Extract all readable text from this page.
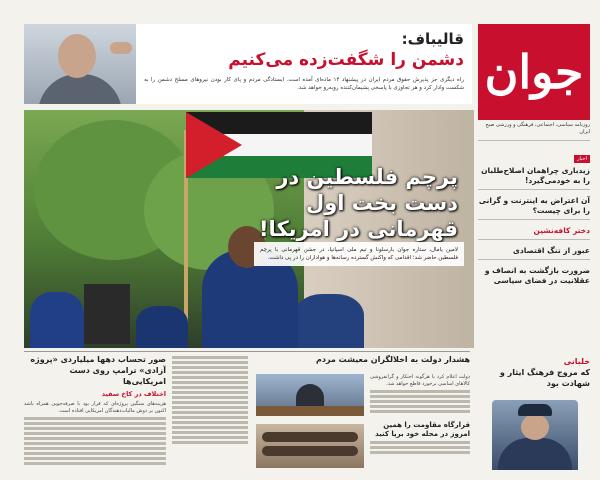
جوان
روزنامه سیاسی، اجتماعی، فرهنگی و ورزشی صبح ایران
قالیباف:
دشمن را شگفت‌زده می‌کنیم
راه دیگری جز پذیرش حقوق مردم ایران در پیشنهاد ۱۴ ماده‌ای آمده است. ایستادگی مردم و پای کار بودن نیروهای مسلح دشمن را به شکست وادار کرد و هر تجاوزی با پاسخی پشیمان‌کننده روبه‌رو خواهد شد.
پرچم فلسطین در دست بخت اول قهرمانی در امریکا!
لامین یامال، ستاره جوان بارسلونا و تیم ملی اسپانیا، در جشن قهرمانی با پرچم فلسطین حاضر شد؛ اقدامی که واکنش گسترده رسانه‌ها و هواداران را در پی داشت.
اخبار
زیدباری چراهمان اصلاح‌طلبان را به خودمی‌گیرد!
آن اعتراض به اینترنت و گرانی را برای چیست؟
دختر کافه‌نشین
عبور از تنگ اقتصادی
ضرورت بازگشت به انصاف و عقلانیت در فضای سیاسی
خلبانی
که مروج فرهنگ ایثار و شهادت بود
صور تحساب دهها میلیاردی «پروژه آزادی» ترامپ روی دست امریکایی‌ها
اختلاف در کاخ سفید
هزینه‌های سنگین پروژه‌ای که قرار بود با صرفه‌جویی همراه باشد اکنون بر دوش مالیات‌دهندگان امریکایی افتاده است.
هشدار دولت به اخلالگران معیشت مردم
دولت اعلام کرد با هرگونه احتکار و گرانفروشی کالاهای اساسی برخورد قاطع خواهد شد.
قرارگاه مقاومت را همین امروز در محله خود برپا کنید
